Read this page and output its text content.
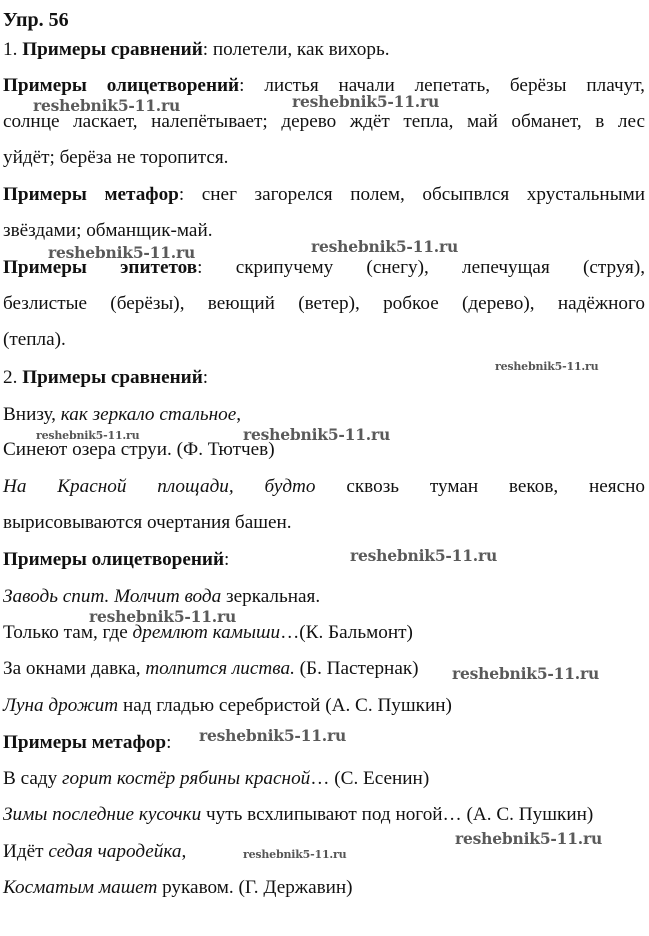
Упр. 56
1. Примеры сравнений: полетели, как вихорь.
Примеры олицетворений: листья начали лепетать, берёзы плачут,
солнце ласкает, налепётывает; дерево ждёт тепла, май обманет, в лес
уйдёт; берёза не торопится.
Примеры метафор: снег загорелся полем, обсыпвлся хрустальными
звёздами; обманщик-май.
Примеры эпитетов: скрипучему (снегу), лепечущая (струя),
безлистые (берёзы), веющий (ветер), робкое (дерево), надёжного
(тепла).
2. Примеры сравнений:
Внизу, как зеркало стальное,
Синеют озера струи. (Ф. Тютчев)
На Красной площади, будто сквозь туман веков, неясно
вырисовываются очертания башен.
Примеры олицетворений:
Заводь спит. Молчит вода зеркальная.
Только там, где дремлют камыши…(К. Бальмонт)
За окнами давка, толпится листва. (Б. Пастернак)
Луна дрожит над гладью серебристой (А. С. Пушкин)
Примеры метафор:
В саду горит костёр рябины красной… (С. Есенин)
Зимы последние кусочки чуть всхлипывают под ногой… (А. С. Пушкин)
Идёт седая чародейка,
Косматым машет рукавом. (Г. Державин)
reshebnik5-11.ru	reshebnik5-11.ru
reshebnik5-11.ru	reshebnik5-11.ru
reshebnik5-11.ru
reshebnik5-11.ru	reshebnik5-11.ru
reshebnik5-11.ru
reshebnik5-11.ru
reshebnik5-11.ru
reshebnik5-11.ru
reshebnik5-11.ru
reshebnik5-11.ru
